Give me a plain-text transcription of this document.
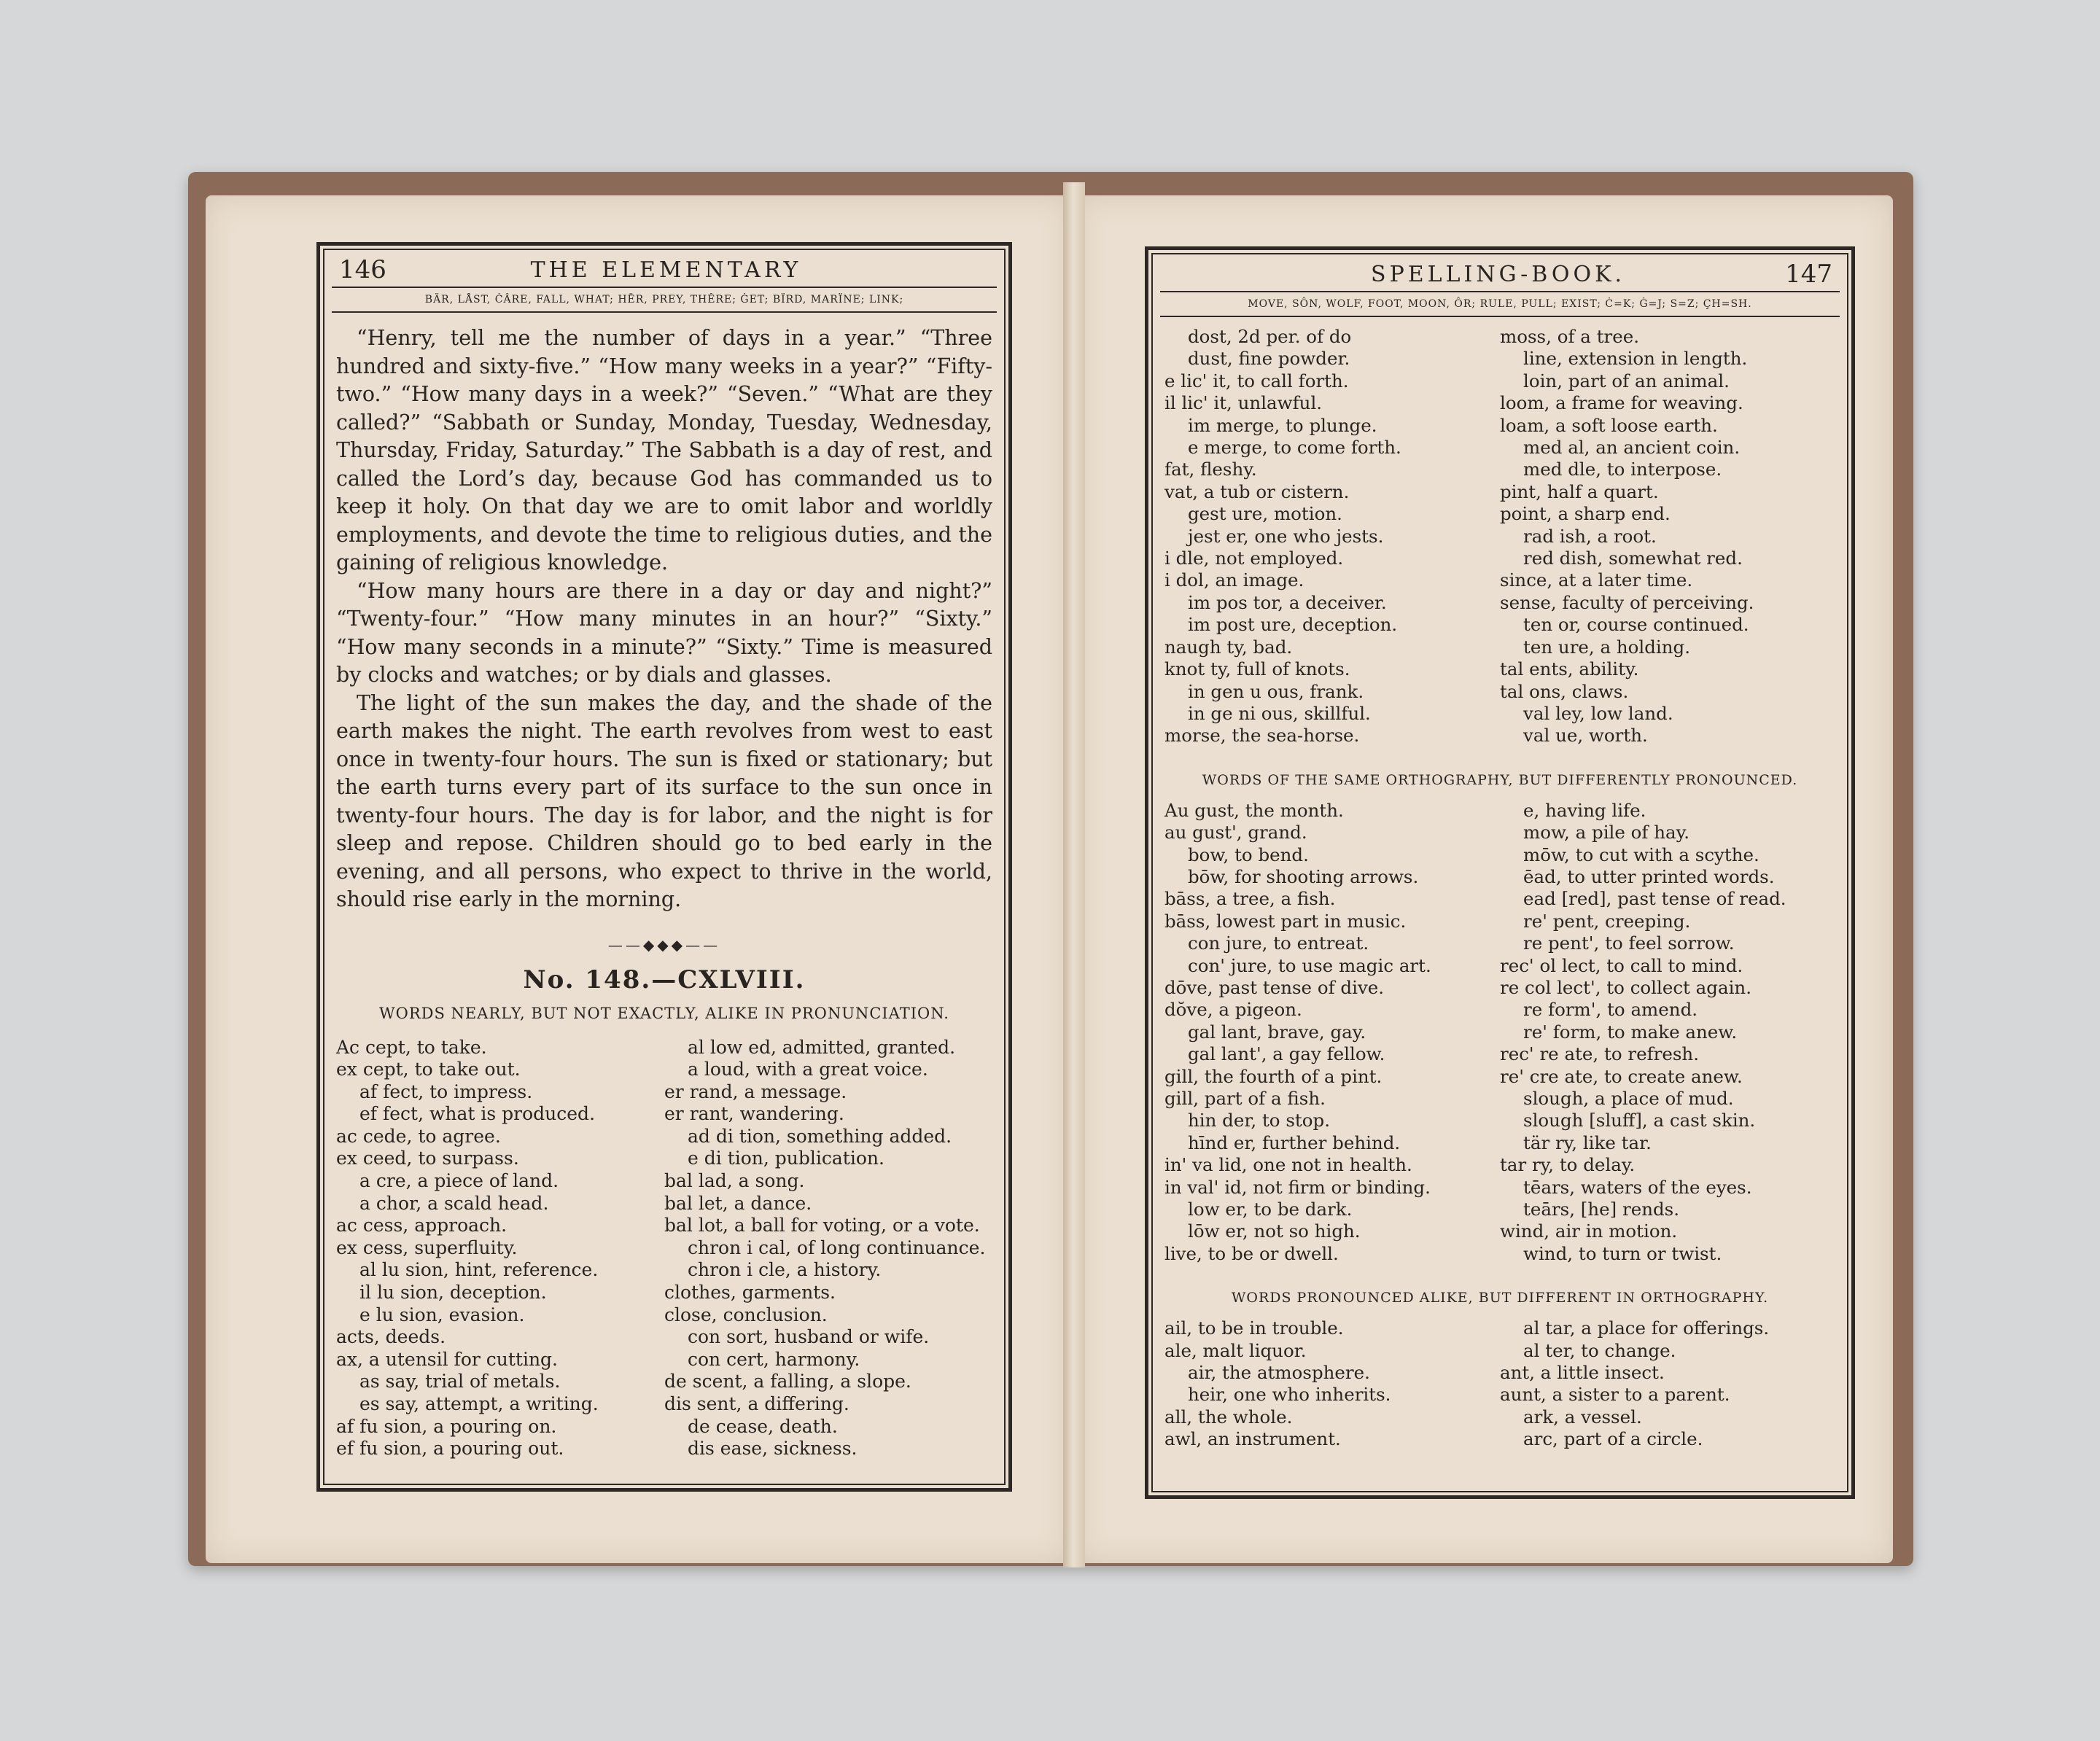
146	THE ELEMENTARY
BÄR, LÅST, ĊÂRE, FALL, WHAT; HĒR, PREY, THÊRE; ĠET; BÏRD, MARÏNE; LINK;

“Henry, tell me the number of days in a year.” “Three hundred and sixty-five.” “How many weeks in a year?” “Fifty-two.” “How many days in a week?” “Seven.” “What are they called?” “Sabbath or Sunday, Monday, Tuesday, Wednesday, Thursday, Friday, Saturday.” The Sabbath is a day of rest, and called the Lord’s day, because God has commanded us to keep it holy. On that day we are to omit labor and worldly employments, and devote the time to religious duties, and the gaining of religious knowledge.

“How many hours are there in a day or day and night?” “Twenty-four.” “How many minutes in an hour?” “Sixty.” “How many seconds in a minute?” “Sixty.” Time is measured by clocks and watches; or by dials and glasses.

The light of the sun makes the day, and the shade of the earth makes the night. The earth revolves from west to east once in twenty-four hours. The sun is fixed or stationary; but the earth turns every part of its surface to the sun once in twenty-four hours. The day is for labor, and the night is for sleep and repose. Children should go to bed early in the evening, and all persons, who expect to thrive in the world, should rise early in the morning.

——◆◆◆——
No. 148.—CXLVIII.
WORDS NEARLY, BUT NOT EXACTLY, ALIKE IN PRONUNCIATION.
Ac cept, to take.
ex cept, to take out.
af fect, to impress.
ef fect, what is produced.
ac cede, to agree.
ex ceed, to surpass.
a cre, a piece of land.
a chor, a scald head.
ac cess, approach.
ex cess, superfluity.
al lu sion, hint, reference.
il lu sion, deception.
e lu sion, evasion.
acts, deeds.
ax, a utensil for cutting.
as say, trial of metals.
es say, attempt, a writing.
af fu sion, a pouring on.
ef fu sion, a pouring out.
al low ed, admitted, granted.
a loud, with a great voice.
er rand, a message.
er rant, wandering.
ad di tion, something added.
e di tion, publication.
bal lad, a song.
bal let, a dance.
bal lot, a ball for voting, or a vote.
chron i cal, of long continuance.
chron i cle, a history.
clothes, garments.
close, conclusion.
con sort, husband or wife.
con cert, harmony.
de scent, a falling, a slope.
dis sent, a differing.
de cease, death.
dis ease, sickness.
SPELLING-BOOK.	147
MOVE, SÔN, WOLF, FOOT, MOON, ÔR; RULE, PULL; EXIST; Ċ=K; Ġ=J; S=Z; ÇH=SH.
dost, 2d per. of do
dust, fine powder.
e lic' it, to call forth.
il lic' it, unlawful.
im merge, to plunge.
e merge, to come forth.
fat, fleshy.
vat, a tub or cistern.
gest ure, motion.
jest er, one who jests.
i dle, not employed.
i dol, an image.
im pos tor, a deceiver.
im post ure, deception.
naugh ty, bad.
knot ty, full of knots.
in gen u ous, frank.
in ge ni ous, skillful.
morse, the sea-horse.
moss, of a tree.
line, extension in length.
loin, part of an animal.
loom, a frame for weaving.
loam, a soft loose earth.
med al, an ancient coin.
med dle, to interpose.
pint, half a quart.
point, a sharp end.
rad ish, a root.
red dish, somewhat red.
since, at a later time.
sense, faculty of perceiving.
ten or, course continued.
ten ure, a holding.
tal ents, ability.
tal ons, claws.
val ley, low land.
val ue, worth.
WORDS OF THE SAME ORTHOGRAPHY, BUT DIFFERENTLY PRONOUNCED.
Au gust, the month.
au gust', grand.
bow, to bend.
bōw, for shooting arrows.
bāss, a tree, a fish.
bāss, lowest part in music.
con jure, to entreat.
con' jure, to use magic art.
dōve, past tense of dive.
dŏve, a pigeon.
gal lant, brave, gay.
gal lant', a gay fellow.
gill, the fourth of a pint.
gill, part of a fish.
hin der, to stop.
hīnd er, further behind.
in' va lid, one not in health.
in val' id, not firm or binding.
low er, to be dark.
lōw er, not so high.
live, to be or dwell.
e, having life.
mow, a pile of hay.
mōw, to cut with a scythe.
ēad, to utter printed words.
ead [red], past tense of read.
re' pent, creeping.
re pent', to feel sorrow.
rec' ol lect, to call to mind.
re col lect', to collect again.
re form', to amend.
re' form, to make anew.
rec' re ate, to refresh.
re' cre ate, to create anew.
slough, a place of mud.
slough [sluff], a cast skin.
tär ry, like tar.
tar ry, to delay.
tēars, waters of the eyes.
teārs, [he] rends.
wind, air in motion.
wind, to turn or twist.
WORDS PRONOUNCED ALIKE, BUT DIFFERENT IN ORTHOGRAPHY.
ail, to be in trouble.
ale, malt liquor.
air, the atmosphere.
heir, one who inherits.
all, the whole.
awl, an instrument.
al tar, a place for offerings.
al ter, to change.
ant, a little insect.
aunt, a sister to a parent.
ark, a vessel.
arc, part of a circle.
